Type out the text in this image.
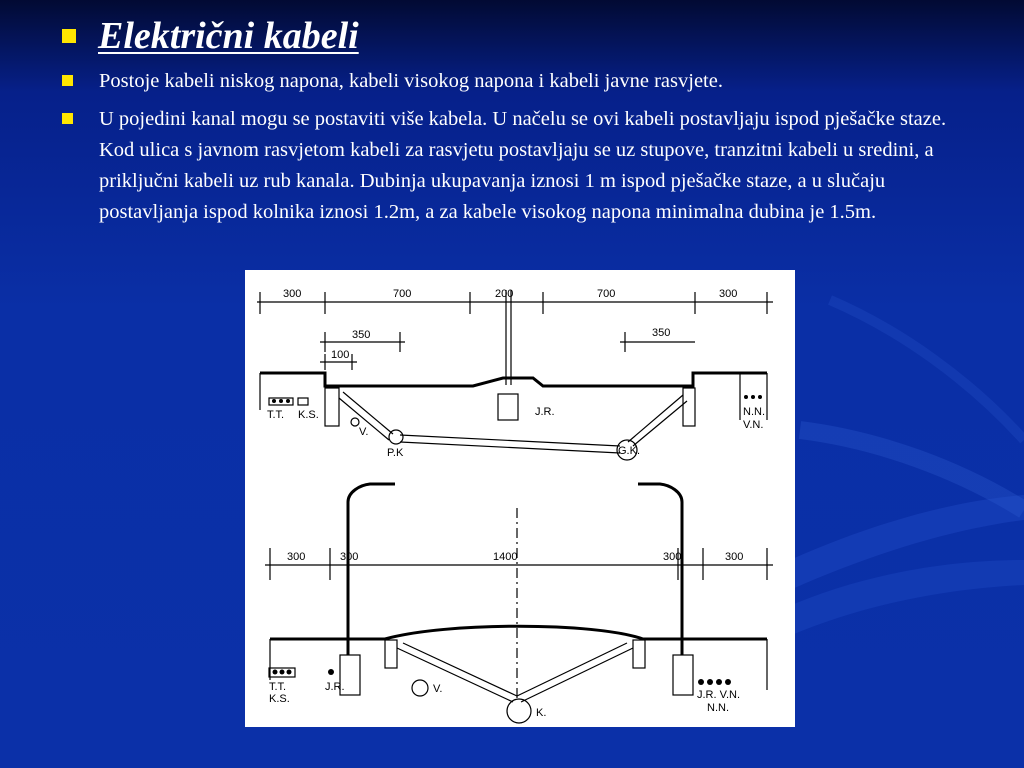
Električni kabeli
Postoje kabeli niskog napona, kabeli visokog napona i kabeli javne rasvjete.
U pojedini kanal mogu se postaviti više kabela. U načelu se ovi kabeli postavljaju ispod pješačke staze. Kod ulica s javnom rasvjetom kabeli za rasvjetu postavljaju se uz stupove, tranzitni kabeli u sredini, a priključni kabeli uz rub kanala. Dubinja ukupavanja iznosi 1 m ispod pješačke staze, a u slučaju postavljanja ispod kolnika iznosi 1.2m, a za kabele visokog napona minimalna dubina je 1.5m.
300	700	200	700	300
350
100
350
T.T. K.S.
V.
P.K
J.R.
G.K.
N.N.
V.N.
300	300	1400	300	300
T.T.
K.S.
J.R.	V.
K.
J.R. V.N.
N.N.
